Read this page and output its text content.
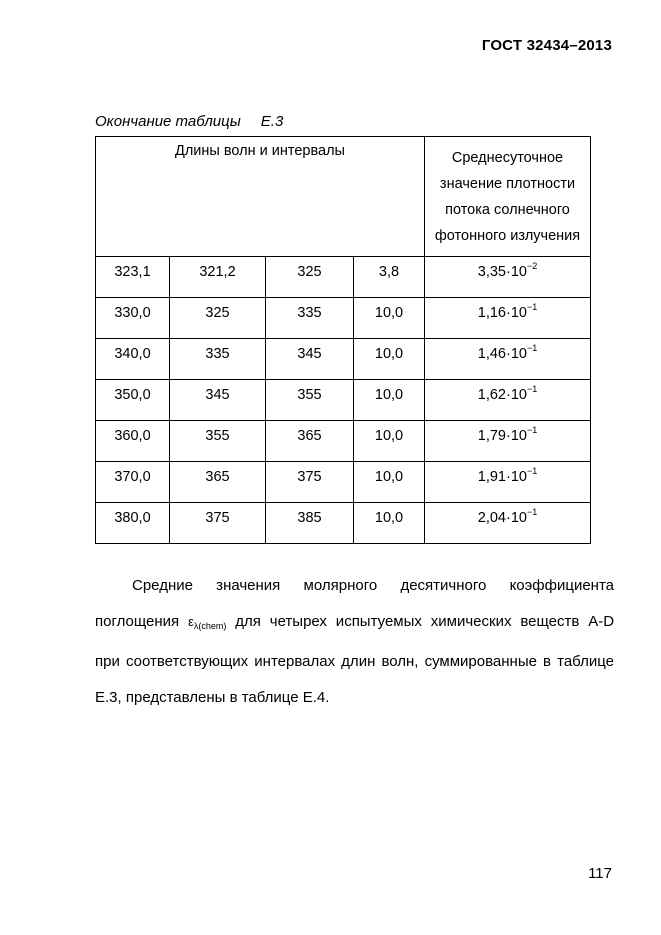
ГОСТ 32434–2013
Окончание таблицы Е.3
Длины волн и интервалы				Среднесуточное
значение плотности
потока солнечного
фотонного излучения

323,1	321,2	325	3,8	$3,35\cdot 10^{-2}$
330,0	325	335	10,0	$1,16\cdot 10^{-1}$
340,0	335	345	10,0	$1,46\cdot 10^{-1}$
350,0	345	355	10,0	$1,62\cdot 10^{-1}$
360,0	355	365	10,0	$1,79\cdot 10^{-1}$
370,0	365	375	10,0	$1,91\cdot 10^{-1}$
380,0	375	385	10,0	$2,04\cdot 10^{-1}$
Средние значения молярного десятичного коэффициента
поглощения $\varepsilon_{\lambda(chem)}$ для четырех испытуемых химических веществ A-D
при соответствующих интервалах длин волн, суммированные в таблице
Е.3, представлены в таблице Е.4.
117
